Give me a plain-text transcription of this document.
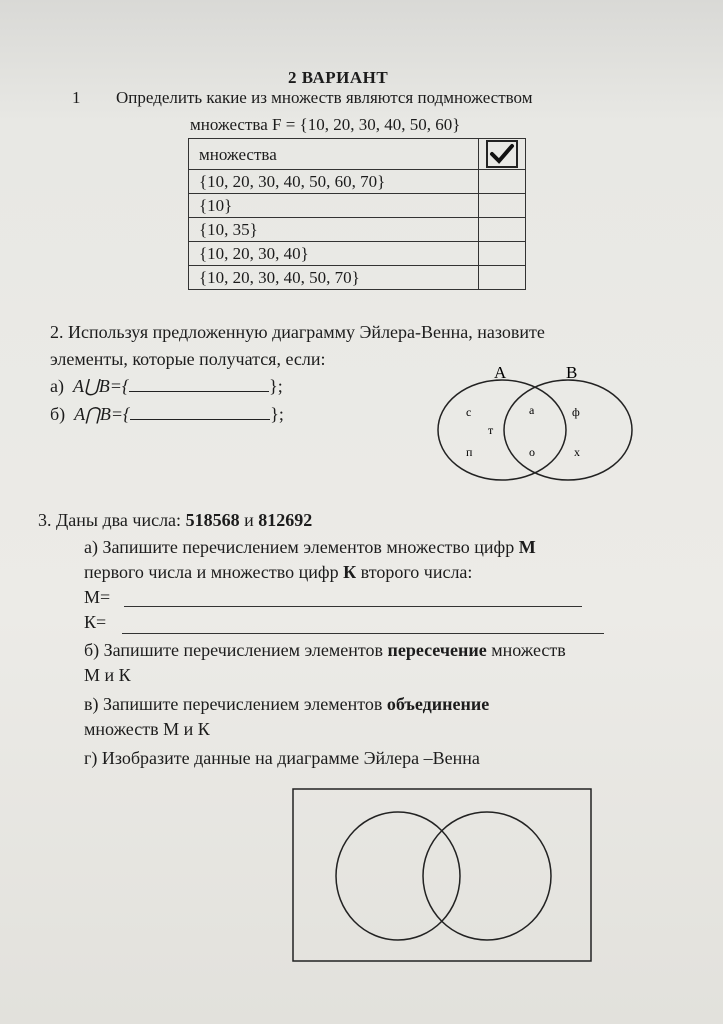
2 ВАРИАНТ
1 Определить какие из множеств являются подмножеством
множества F = {10, 20, 30, 40, 50, 60}
множества	
{10, 20, 30, 40, 50, 60, 70}	
{10}	
{10, 35}	
{10, 20, 30, 40}	
{10, 20, 30, 40, 50, 70}	
2. Используя предложенную диаграмму Эйлера-Венна, назовите
элементы, которые получатся, если:
а) A⋃B={	};
б) A⋂B={	};
A	B
с	а	ф
т
п	о	х
3. Даны два числа: 518568 и 812692
а) Запишите перечислением элементов множество цифр М
первого числа и множество цифр К второго числа:
М=
К=
б) Запишите перечислением элементов пересечение множеств
М и К
в) Запишите перечислением элементов объединение
множеств М и К
г) Изобразите данные на диаграмме Эйлера –Венна
